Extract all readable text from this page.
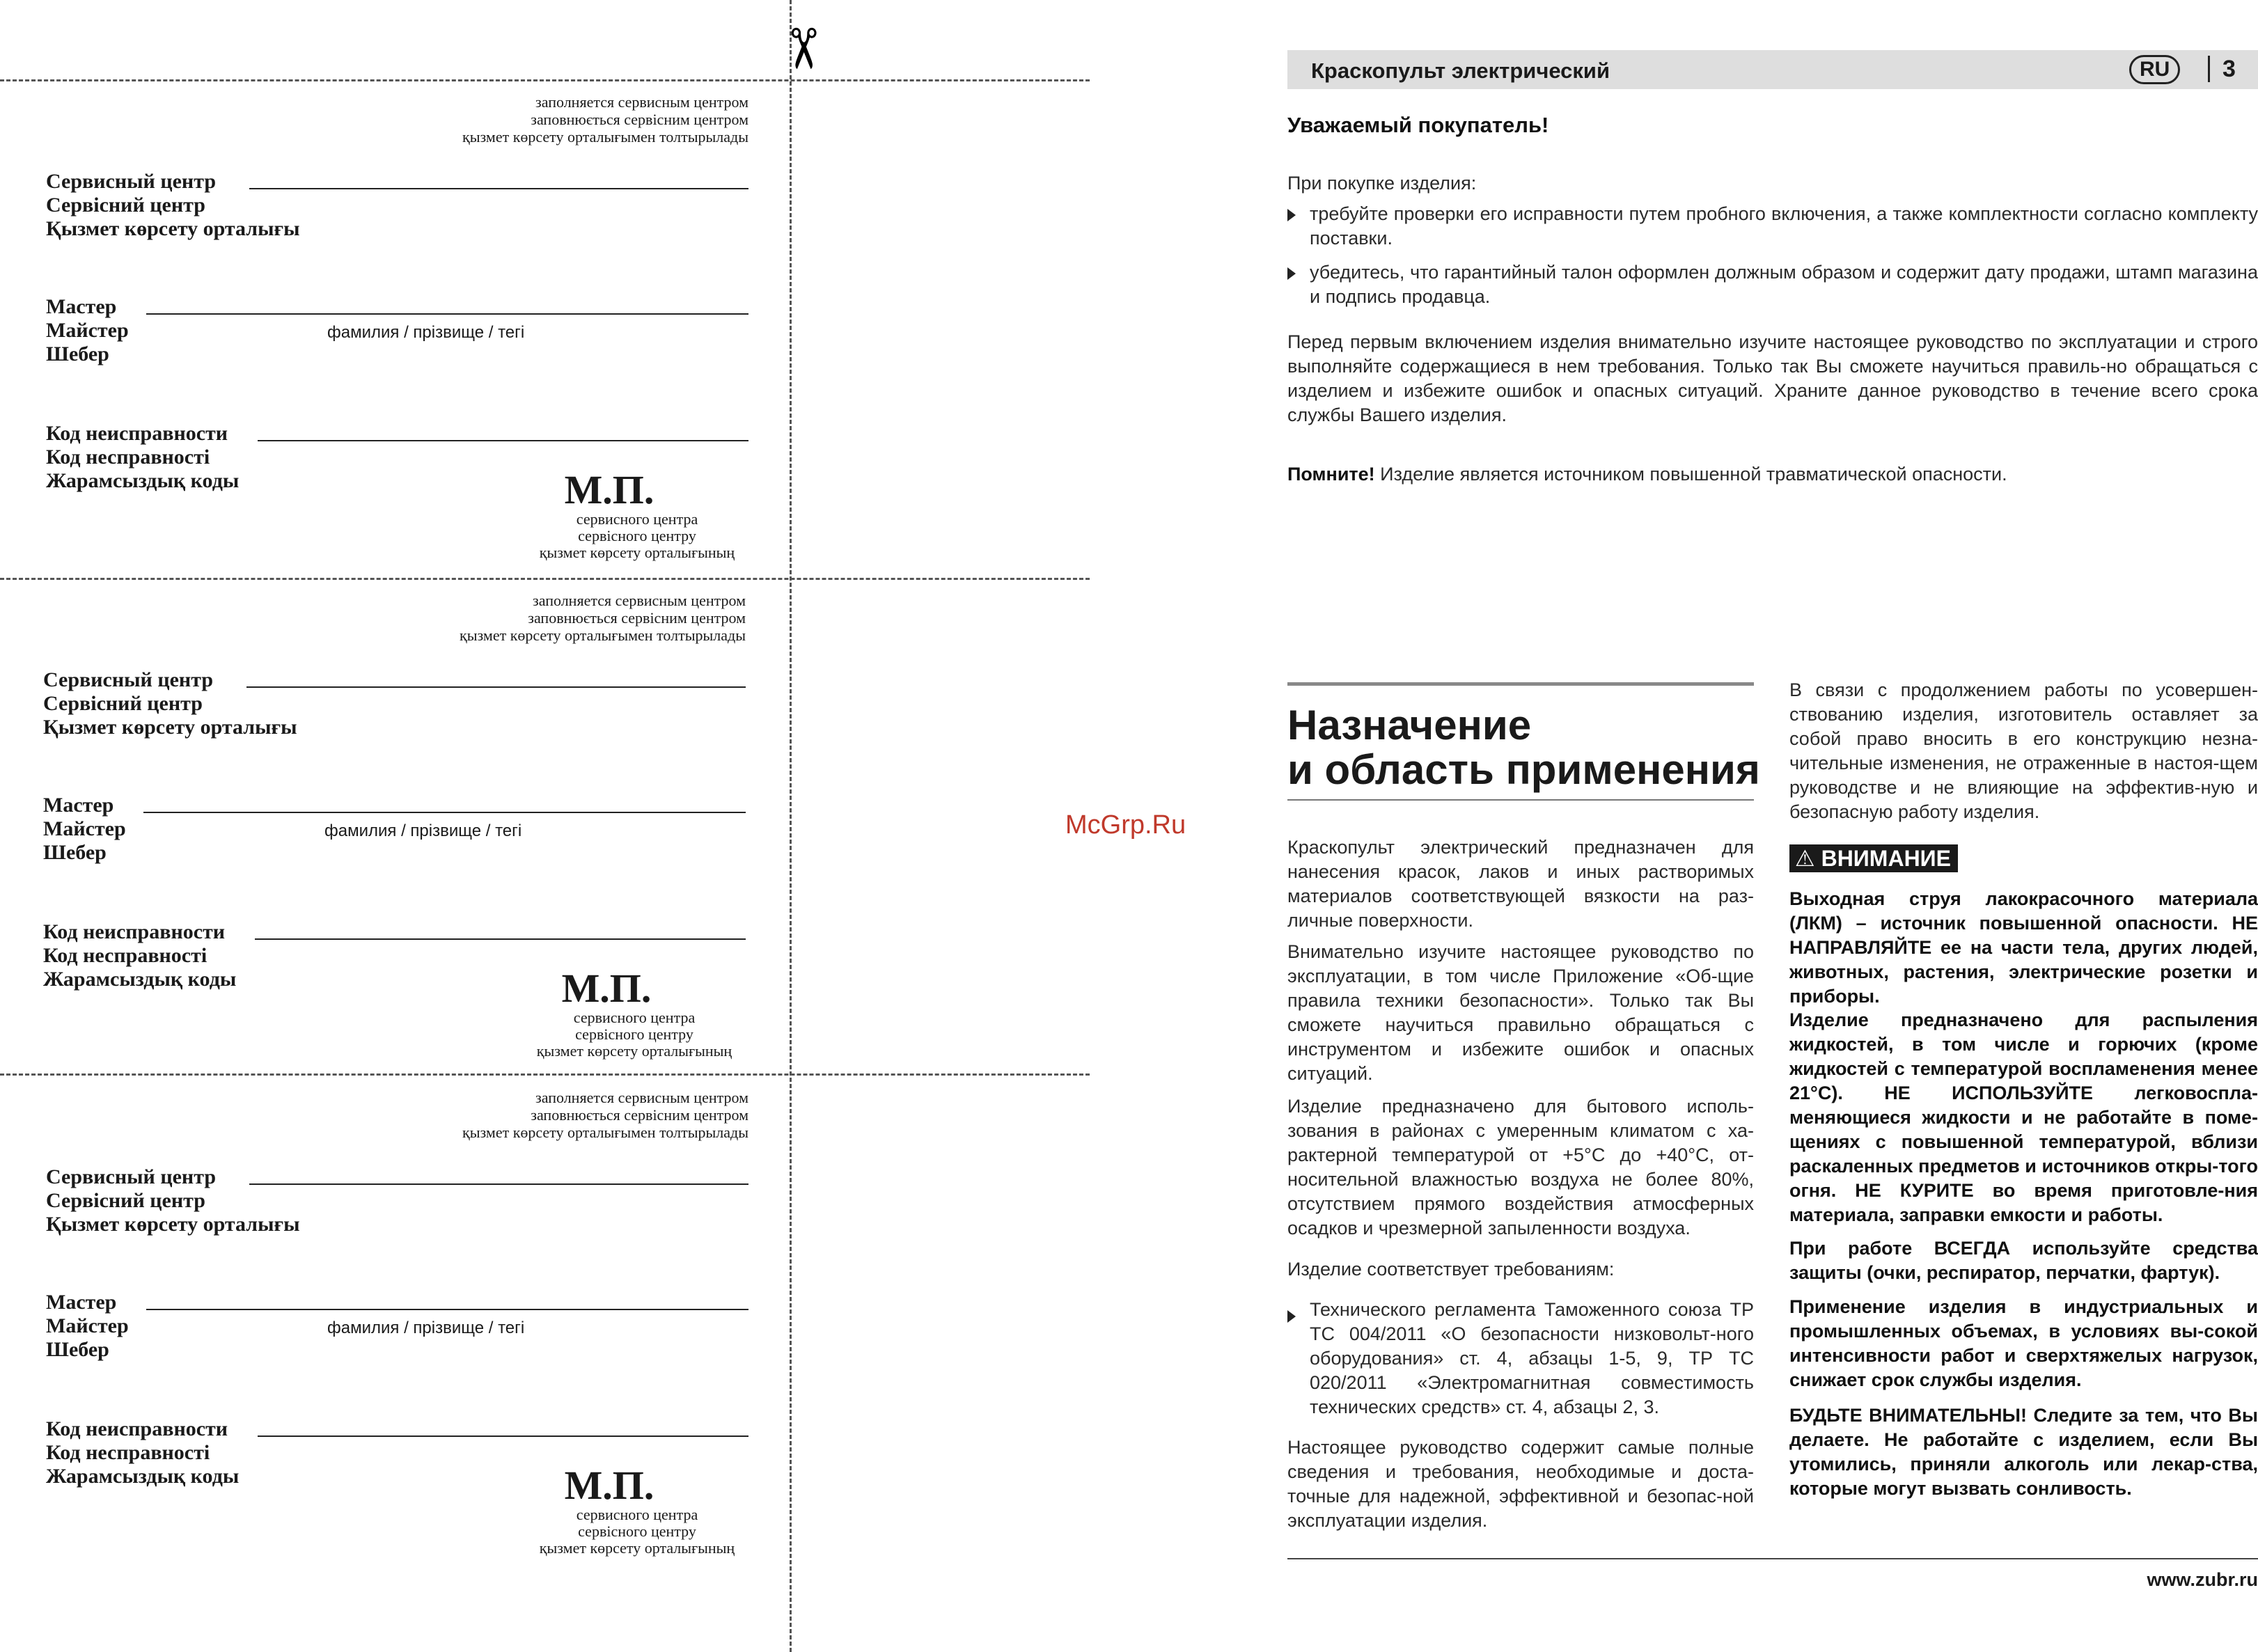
✂
заполняется сервисным центром
заповнюється сервісним центром
қызмет көрсету орталығымен толтырылады
Сервисный центр
Сервісний центр
Қызмет көрсету орталығы
Мастер
Майстер
Шебер
фамилия / прізвище / тегі
Код неисправности
Код несправності
Жарамсыздық коды	М.П.
сервисного центра
сервісного центру
қызмет көрсету орталығының
заполняется сервисным центром
заповнюється сервісним центром
қызмет көрсету орталығымен толтырылады
Сервисный центр
Сервісний центр
Қызмет көрсету орталығы
Мастер
Майстер
Шебер
фамилия / прізвище / тегі
Код неисправности
Код несправності
Жарамсыздық коды	М.П.
сервисного центра
сервісного центру
қызмет көрсету орталығының
заполняется сервисным центром
заповнюється сервісним центром
қызмет көрсету орталығымен толтырылады
Сервисный центр
Сервісний центр
Қызмет көрсету орталығы
Мастер
Майстер
Шебер
фамилия / прізвище / тегі
Код неисправности
Код несправності
Жарамсыздық коды	М.П.
сервисного центра
сервісного центру
қызмет көрсету орталығының
McGrp.Ru
Краскопульт электрический	RU	3
Уважаемый покупатель!
При покупке изделия:
требуйте проверки его исправности путем пробного включения, а также комплектности согласно комплекту поставки.
убедитесь, что гарантийный талон оформлен должным образом и содержит дату продажи, штамп магазина и подпись продавца.
Перед первым включением изделия внимательно изучите настоящее руководство по эксплуатации и строго выполняйте содержащиеся в нем требования. Только так Вы сможете научиться правиль-но обращаться с изделием и избежите ошибок и опасных ситуаций. Храните данное руководство в течение всего срока службы Вашего изделия.
Помните! Изделие является источником повышенной травматической опасности.
Назначение
и область применения
Краскопульт электрический предназначен для нанесения красок, лаков и иных растворимых материалов соответствующей вязкости на раз-личные поверхности.
Внимательно изучите настоящее руководство по эксплуатации, в том числе Приложение «Об-щие правила техники безопасности». Только так Вы сможете научиться правильно обращаться с инструментом и избежите ошибок и опасных ситуаций.
Изделие предназначено для бытового исполь-зования в районах с умеренным климатом с ха-рактерной температурой от +5°С до +40°С, от-носительной влажностью воздуха не более 80%, отсутствием прямого воздействия атмосферных осадков и чрезмерной запыленности воздуха.
Изделие соответствует требованиям:
Технического регламента Таможенного союза ТР ТС 004/2011 «О безопасности низковольт-ного оборудования» ст. 4, абзацы 1-5, 9, ТР ТС 020/2011 «Электромагнитная совместимость технических средств» ст. 4, абзацы 2, 3.
Настоящее руководство содержит самые полные сведения и требования, необходимые и доста-точные для надежной, эффективной и безопас-ной эксплуатации изделия.
В связи с продолжением работы по усовершен-ствованию изделия, изготовитель оставляет за собой право вносить в его конструкцию незна-чительные изменения, не отраженные в настоя-щем руководстве и не влияющие на эффектив-ную и безопасную работу изделия.
⚠ ВНИМАНИЕ
Выходная струя лакокрасочного материала (ЛКМ) – источник повышенной опасности. НЕ НАПРАВЛЯЙТЕ ее на части тела, других людей, животных, растения, электрические розетки и приборы.
Изделие предназначено для распыления жидкостей, в том числе и горючих (кроме жидкостей с температурой воспламенения менее 21°С). НЕ ИСПОЛЬЗУЙТЕ легковоспла-меняющиеся жидкости и не работайте в поме-щениях с повышенной температурой, вблизи раскаленных предметов и источников откры-того огня. НЕ КУРИТЕ во время приготовле-ния материала, заправки емкости и работы.
При работе ВСЕГДА используйте средства защиты (очки, респиратор, перчатки, фартук).
Применение изделия в индустриальных и промышленных объемах, в условиях вы-сокой интенсивности работ и сверхтяжелых нагрузок, снижает срок службы изделия.
БУДЬТЕ ВНИМАТЕЛЬНЫ! Следите за тем, что Вы делаете. Не работайте с изделием, если Вы утомились, приняли алкоголь или лекар-ства, которые могут вызвать сонливость.
www.zubr.ru
